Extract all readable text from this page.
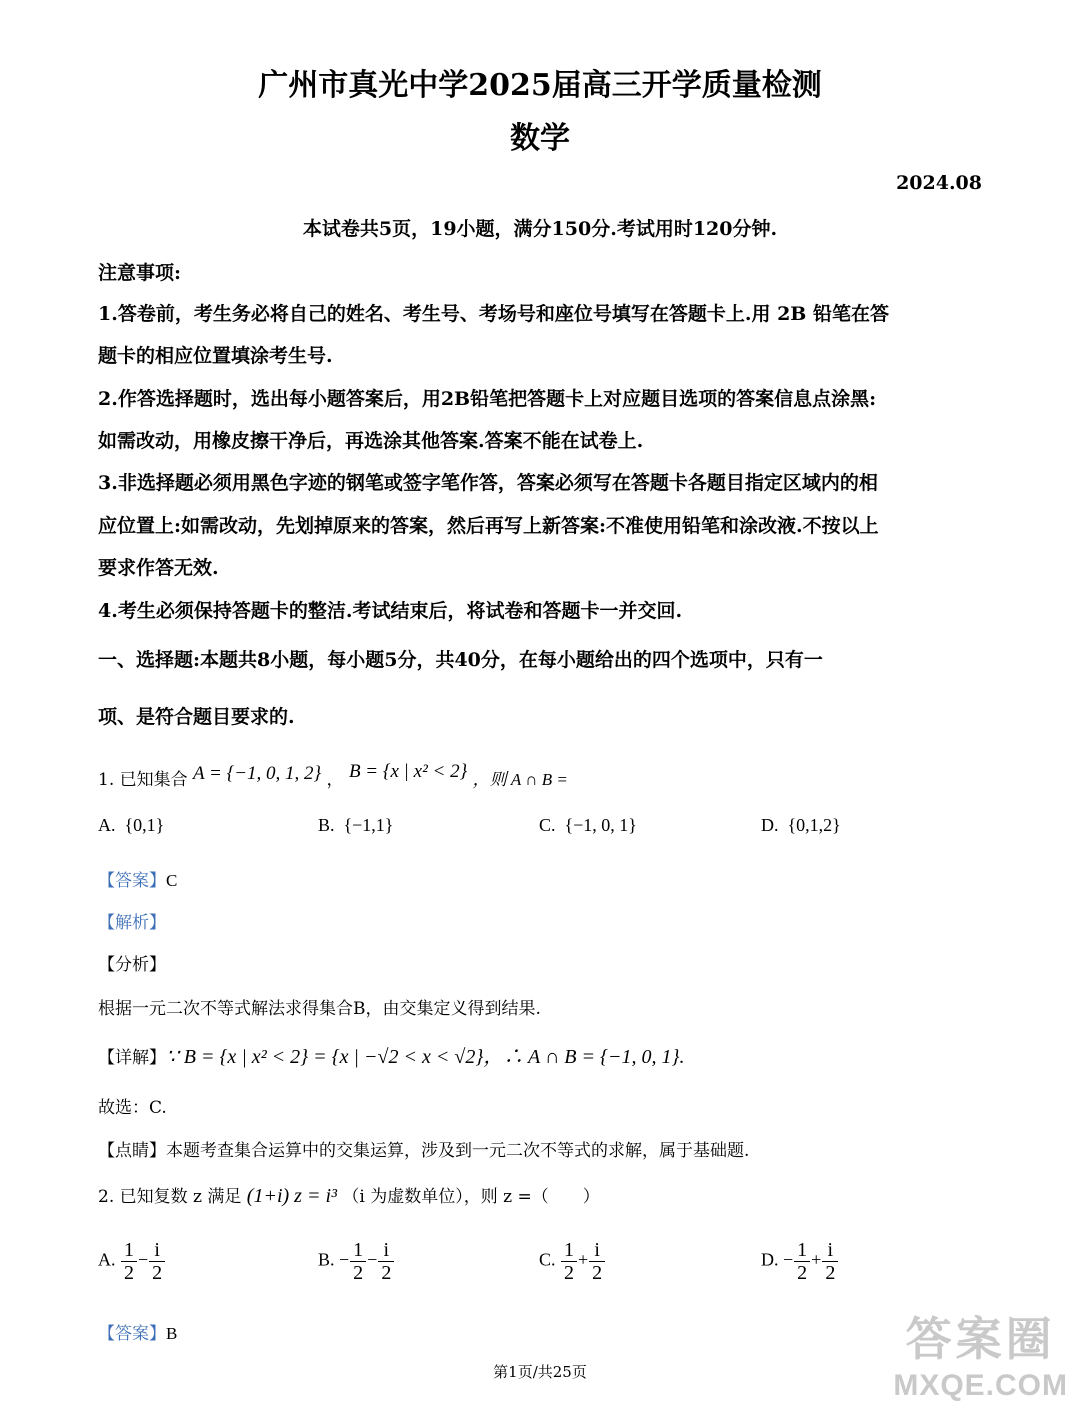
广州市真光中学2025届高三开学质量检测
数学
2024.08
本试卷共5页，19小题，满分150分.考试用时120分钟.
注意事项:
1.答卷前，考生务必将自己的姓名、考生号、考场号和座位号填写在答题卡上.用 2B 铅笔在答
题卡的相应位置填涂考生号.
2.作答选择题时，选出每小题答案后，用2B铅笔把答题卡上对应题目选项的答案信息点涂黑:
如需改动，用橡皮擦干净后，再选涂其他答案.答案不能在试卷上.
3.非选择题必须用黑色字迹的钢笔或签字笔作答，答案必须写在答题卡各题目指定区域内的相
应位置上:如需改动，先划掉原来的答案，然后再写上新答案:不准使用铅笔和涂改液.不按以上
要求作答无效.
4.考生必须保持答题卡的整洁.考试结束后，将试卷和答题卡一并交回.
一、选择题:本题共8小题，每小题5分，共40分，在每小题给出的四个选项中，只有一
项、是符合题目要求的.
1. 已知集合 A = {−1, 0, 1, 2} ， B = {x | x² < 2} ，则 A ∩ B =
A. {0,1}	B. {−1,1}	C. {−1, 0, 1}	D. {0,1,2}
【答案】C
【解析】
【分析】
根据一元二次不等式解法求得集合B，由交集定义得到结果.
【详解】∵ B = {x | x² < 2} = {x | −√2 < x < √2}，∴ A ∩ B = {−1, 0, 1}.
故选：C.
【点睛】本题考查集合运算中的交集运算，涉及到一元二次不等式的求解，属于基础题.
2. 已知复数 z 满足 (1+i) z = i³ （i 为虚数单位），则 z =（　　）
A. $\frac{1}{2} - \frac{i}{2}$	B. − $\frac{1}{2} - \frac{i}{2}$	C. $\frac{1}{2} + \frac{i}{2}$	D. − $\frac{1}{2} + \frac{i}{2}$
【答案】B
第1页/共25页
答案圈
MXQE.COM
